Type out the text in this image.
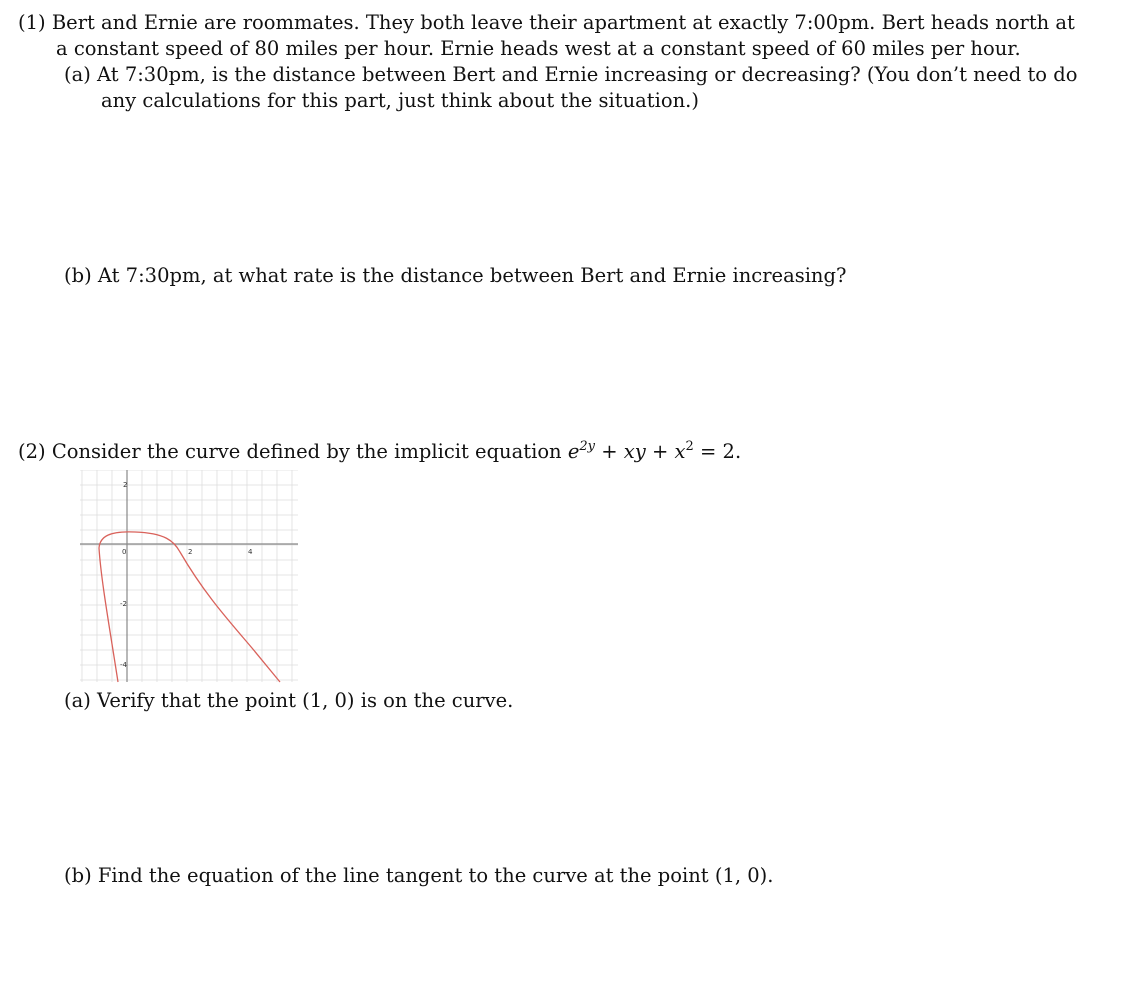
(1) Bert and Ernie are roommates. They both leave their apartment at exactly 7:00pm. Bert heads north at
a constant speed of 80 miles per hour. Ernie heads west at a constant speed of 60 miles per hour.
(a) At 7:30pm, is the distance between Bert and Ernie increasing or decreasing? (You don’t need to do
any calculations for this part, just think about the situation.)
(b) At 7:30pm, at what rate is the distance between Bert and Ernie increasing?
(2) Consider the curve defined by the implicit equation $e^{2y}$ + xy + $x^2 = 2$.
0	2	4
2
-2
-4
(a) Verify that the point (1, 0) is on the curve.
(b) Find the equation of the line tangent to the curve at the point (1, 0).
